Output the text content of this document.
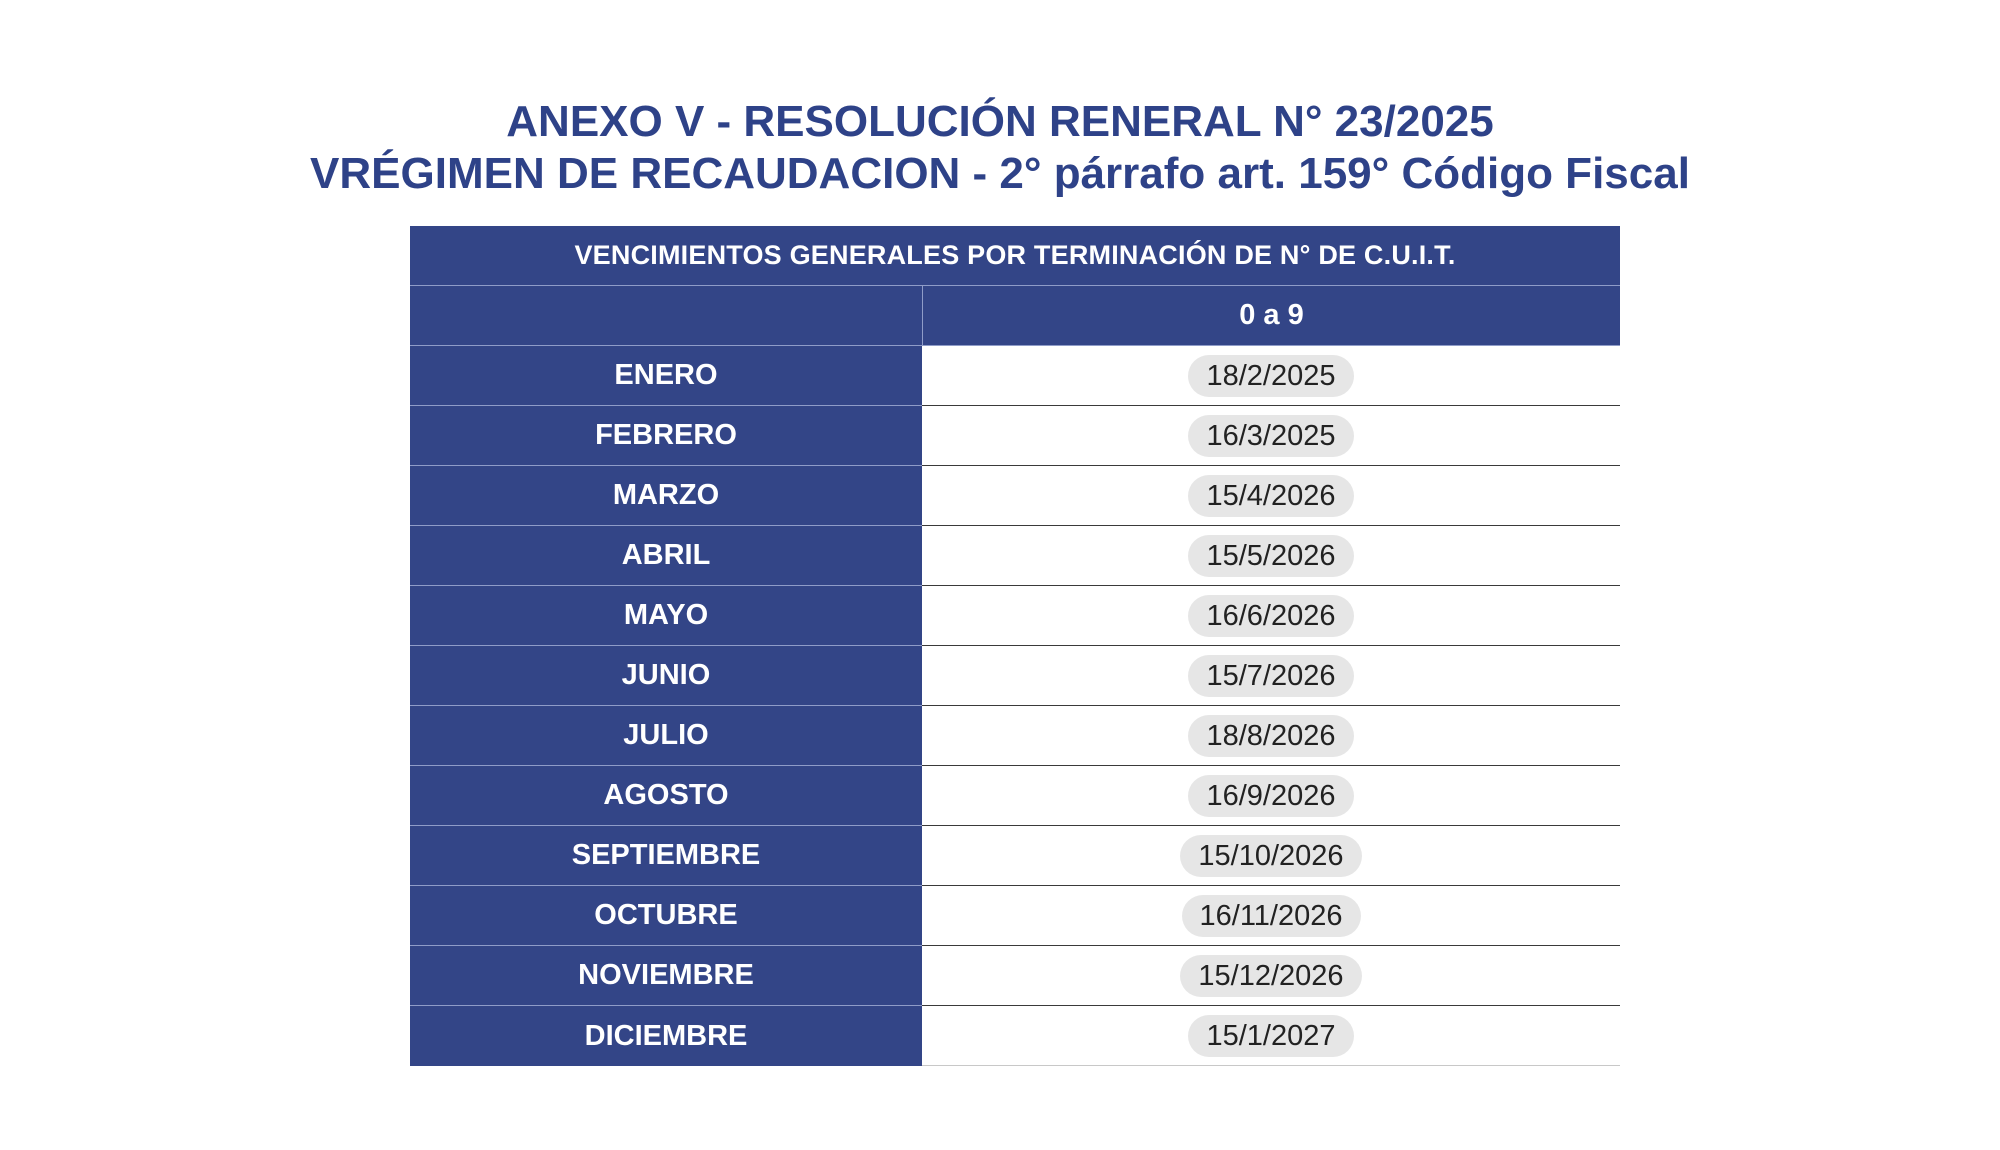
ANEXO V - RESOLUCIÓN RENERAL N° 23/2025
VRÉGIMEN DE RECAUDACION - 2° párrafo art. 159° Código Fiscal
VENCIMIENTOS GENERALES POR TERMINACIÓN DE N° DE C.U.I.T.
0 a 9
ENERO	18/2/2025
FEBRERO	16/3/2025
MARZO	15/4/2026
ABRIL	15/5/2026
MAYO	16/6/2026
JUNIO	15/7/2026
JULIO	18/8/2026
AGOSTO	16/9/2026
SEPTIEMBRE	15/10/2026
OCTUBRE	16/11/2026
NOVIEMBRE	15/12/2026
DICIEMBRE	15/1/2027
